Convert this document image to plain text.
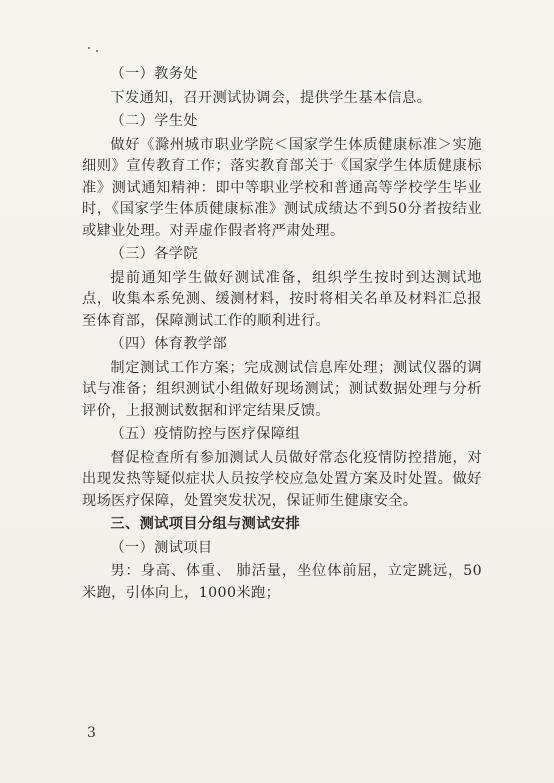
（一）教务处

下发通知，召开测试协调会，提供学生基本信息。

（二）学生处

做好《滁州城市职业学院＜国家学生体质健康标准＞实施细则》宣传教育工作；落实教育部关于《国家学生体质健康标准》测试通知精神：即中等职业学校和普通高等学校学生毕业时，《国家学生体质健康标准》测试成绩达不到50分者按结业或肄业处理。对弄虚作假者将严肃处理。

（三）各学院

提前通知学生做好测试准备，组织学生按时到达测试地点，收集本系免测、缓测材料，按时将相关名单及材料汇总报至体育部，保障测试工作的顺利进行。

（四）体育教学部

制定测试工作方案；完成测试信息库处理；测试仪器的调试与准备；组织测试小组做好现场测试；测试数据处理与分析评价，上报测试数据和评定结果反馈。

（五）疫情防控与医疗保障组

督促检查所有参加测试人员做好常态化疫情防控措施，对出现发热等疑似症状人员按学校应急处置方案及时处置。做好现场医疗保障，处置突发状况，保证师生健康安全。

三、测试项目分组与测试安排

（一）测试项目

男：身高、体重、 肺活量，坐位体前屈，立定跳远，50米跑，引体向上，1000米跑；

3
